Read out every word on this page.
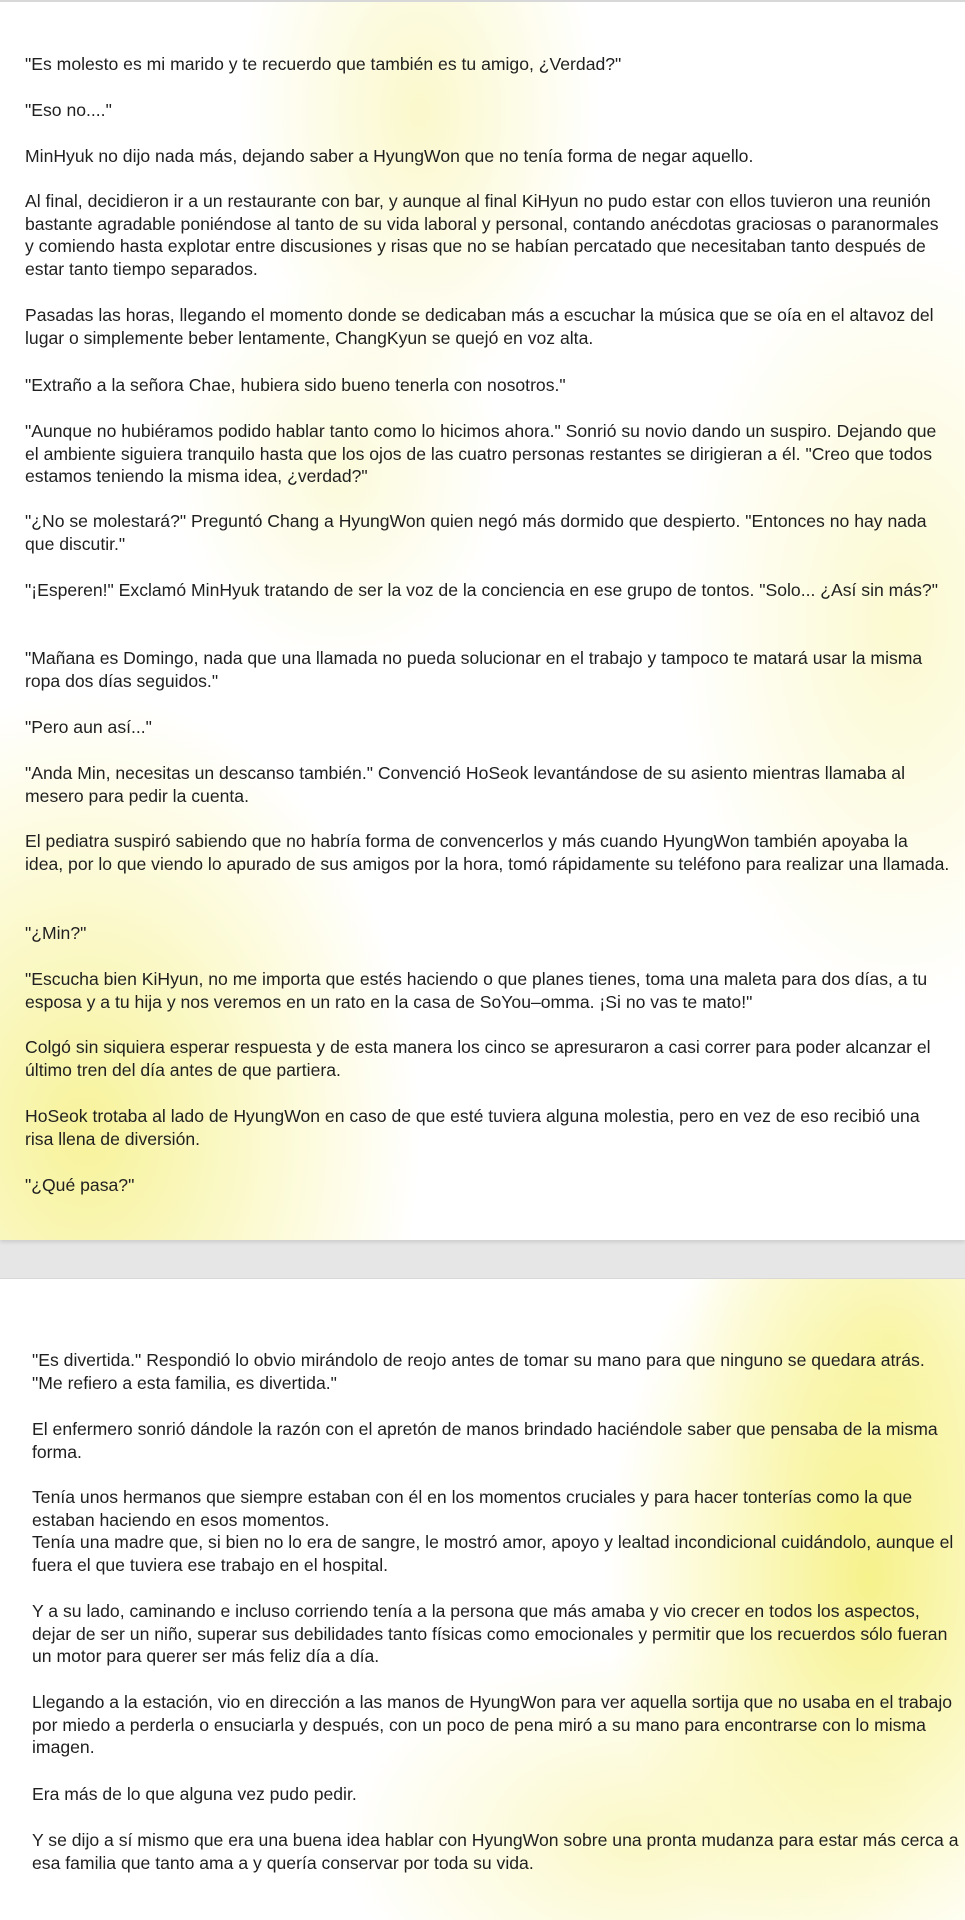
"Es molesto es mi marido y te recuerdo que también es tu amigo, ¿Verdad?"

"Eso no...."

MinHyuk no dijo nada más, dejando saber a HyungWon que no tenía forma de negar aquello.

Al final, decidieron ir a un restaurante con bar, y aunque al final KiHyun no pudo estar con ellos tuvieron una reunión bastante agradable poniéndose al tanto de su vida laboral y personal, contando anécdotas graciosas o paranormales y comiendo hasta explotar entre discusiones y risas que no se habían percatado que necesitaban tanto después de estar tanto tiempo separados.

Pasadas las horas, llegando el momento donde se dedicaban más a escuchar la música que se oía en el altavoz del lugar o simplemente beber lentamente, ChangKyun se quejó en voz alta.

"Extraño a la señora Chae, hubiera sido bueno tenerla con nosotros."

"Aunque no hubiéramos podido hablar tanto como lo hicimos ahora." Sonrió su novio dando un suspiro. Dejando que el ambiente siguiera tranquilo hasta que los ojos de las cuatro personas restantes se dirigieran a él. "Creo que todos estamos teniendo la misma idea, ¿verdad?"

"¿No se molestará?" Preguntó Chang a HyungWon quien negó más dormido que despierto. "Entonces no hay nada que discutir."

"¡Esperen!" Exclamó MinHyuk tratando de ser la voz de la conciencia en ese grupo de tontos. "Solo... ¿Así sin más?"

"Mañana es Domingo, nada que una llamada no pueda solucionar en el trabajo y tampoco te matará usar la misma ropa dos días seguidos."

"Pero aun así..."

"Anda Min, necesitas un descanso también." Convenció HoSeok levantándose de su asiento mientras llamaba al mesero para pedir la cuenta.

El pediatra suspiró sabiendo que no habría forma de convencerlos y más cuando HyungWon también apoyaba la idea, por lo que viendo lo apurado de sus amigos por la hora, tomó rápidamente su teléfono para realizar una llamada.

"¿Min?"

"Escucha bien KiHyun, no me importa que estés haciendo o que planes tienes, toma una maleta para dos días, a tu esposa y a tu hija y nos veremos en un rato en la casa de SoYou–omma. ¡Si no vas te mato!"

Colgó sin siquiera esperar respuesta y de esta manera los cinco se apresuraron a casi correr para poder alcanzar el último tren del día antes de que partiera.

HoSeok trotaba al lado de HyungWon en caso de que esté tuviera alguna molestia, pero en vez de eso recibió una risa llena de diversión.

"¿Qué pasa?"

"Es divertida." Respondió lo obvio mirándolo de reojo antes de tomar su mano para que ninguno se quedara atrás. "Me refiero a esta familia, es divertida."

El enfermero sonrió dándole la razón con el apretón de manos brindado haciéndole saber que pensaba de la misma forma.

Tenía unos hermanos que siempre estaban con él en los momentos cruciales y para hacer tonterías como la que estaban haciendo en esos momentos.

Tenía una madre que, si bien no lo era de sangre, le mostró amor, apoyo y lealtad incondicional cuidándolo, aunque el fuera el que tuviera ese trabajo en el hospital.

Y a su lado, caminando e incluso corriendo tenía a la persona que más amaba y vio crecer en todos los aspectos, dejar de ser un niño, superar sus debilidades tanto físicas como emocionales y permitir que los recuerdos sólo fueran un motor para querer ser más feliz día a día.

Llegando a la estación, vio en dirección a las manos de HyungWon para ver aquella sortija que no usaba en el trabajo por miedo a perderla o ensuciarla y después, con un poco de pena miró a su mano para encontrarse con lo misma imagen.

Era más de lo que alguna vez pudo pedir.

Y se dijo a sí mismo que era una buena idea hablar con HyungWon sobre una pronta mudanza para estar más cerca a esa familia que tanto ama a y quería conservar por toda su vida.
